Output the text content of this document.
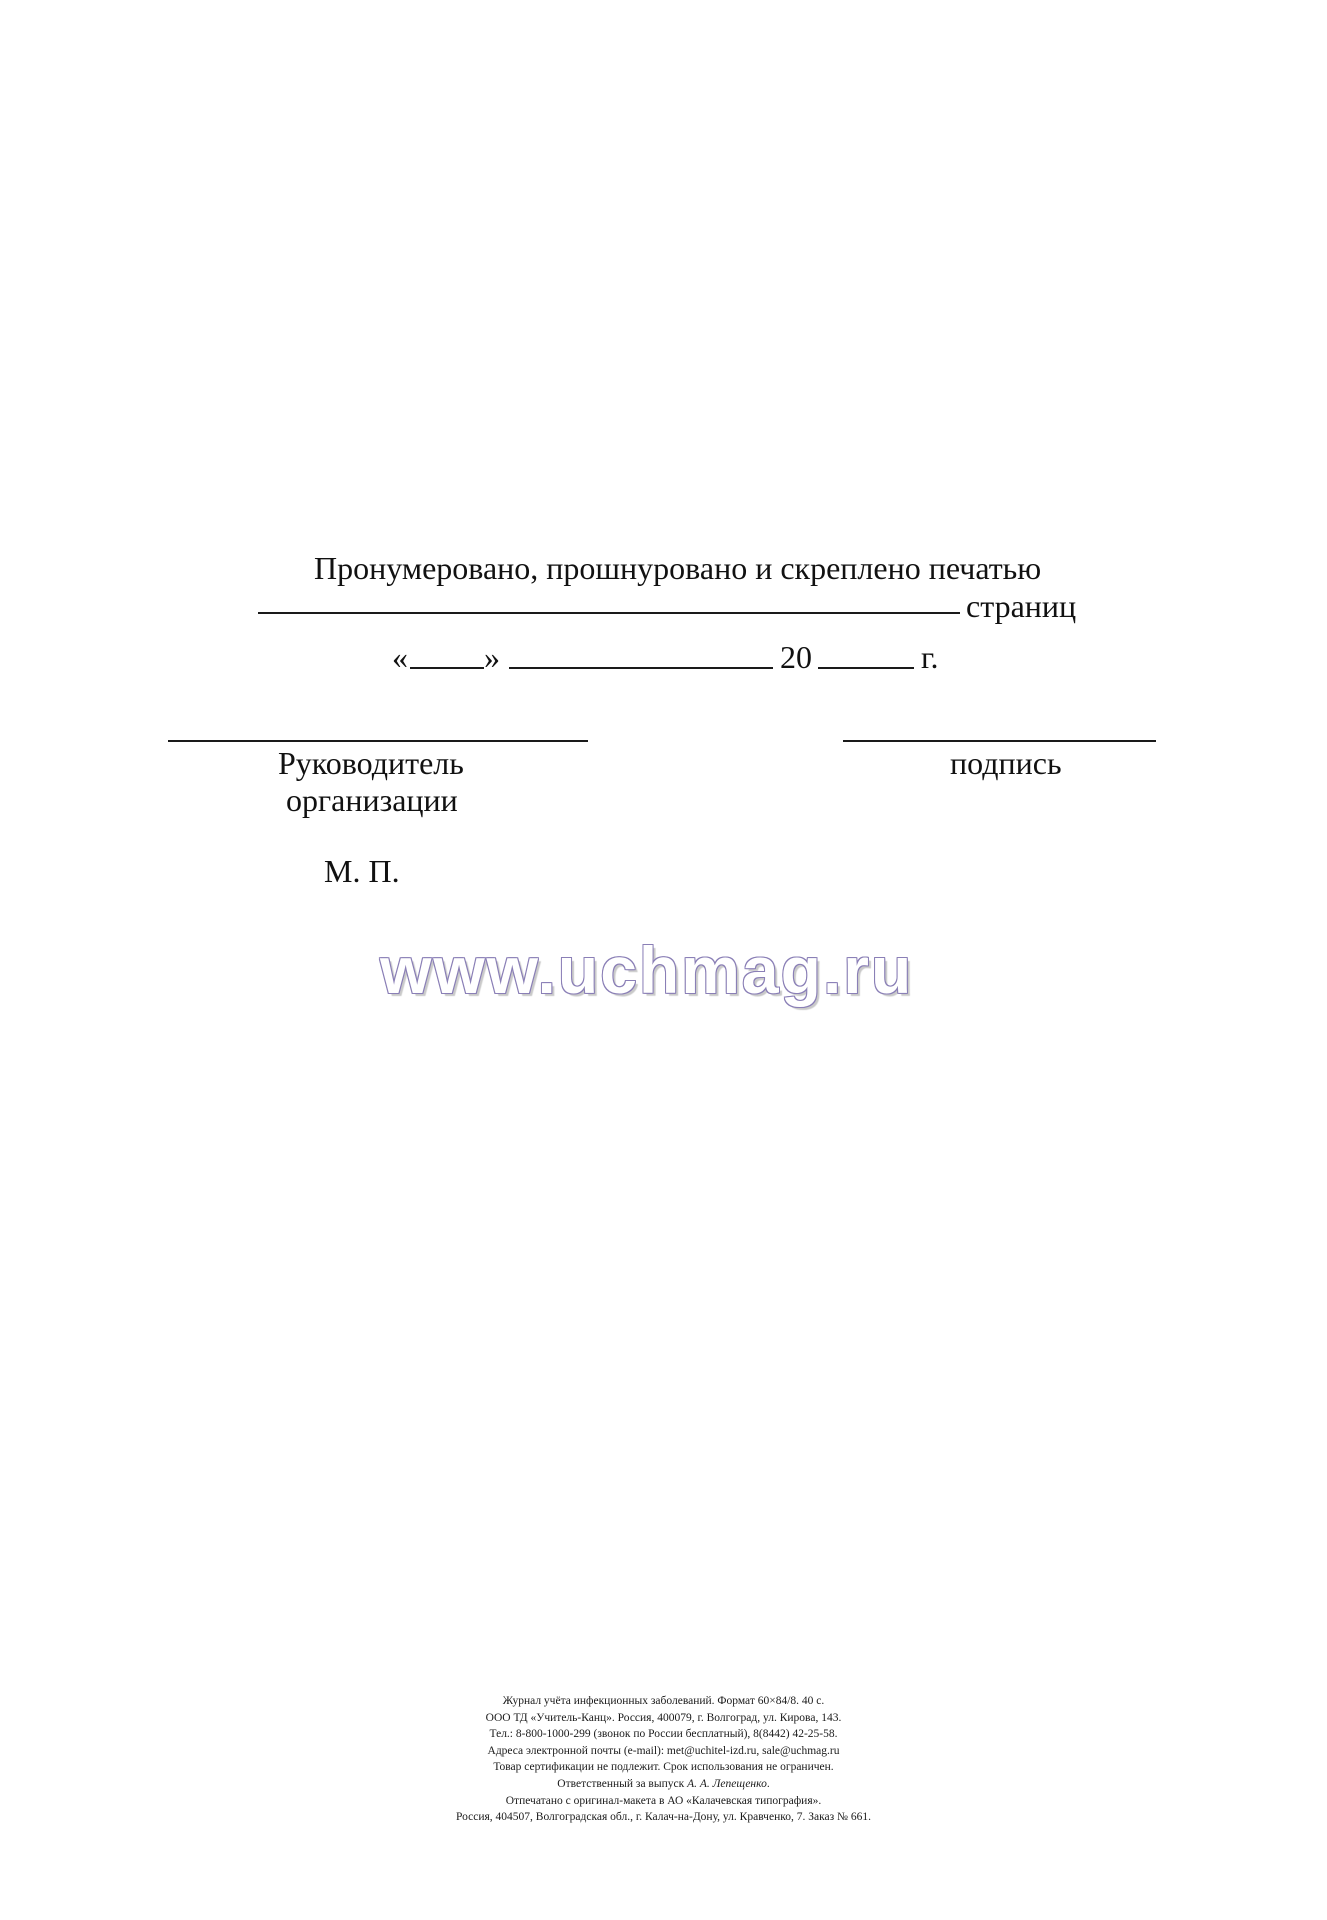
Пронумеровано, прошнуровано и скреплено печатью
страниц
« »	20	г.
Руководитель
организации
подпись
М. П.
www.uchmag.ru
Журнал учёта инфекционных заболеваний. Формат 60×84/8. 40 с.
ООО ТД «Учитель-Канц». Россия, 400079, г. Волгоград, ул. Кирова, 143.
Тел.: 8-800-1000-299 (звонок по России бесплатный), 8(8442) 42-25-58.
Адреса электронной почты (e-mail): met@uchitel-izd.ru, sale@uchmag.ru
Товар сертификации не подлежит. Срок использования не ограничен.
Ответственный за выпуск А. А. Лепещенко.
Отпечатано с оригинал-макета в АО «Калачевская типография».
Россия, 404507, Волгоградская обл., г. Калач-на-Дону, ул. Кравченко, 7. Заказ № 661.
